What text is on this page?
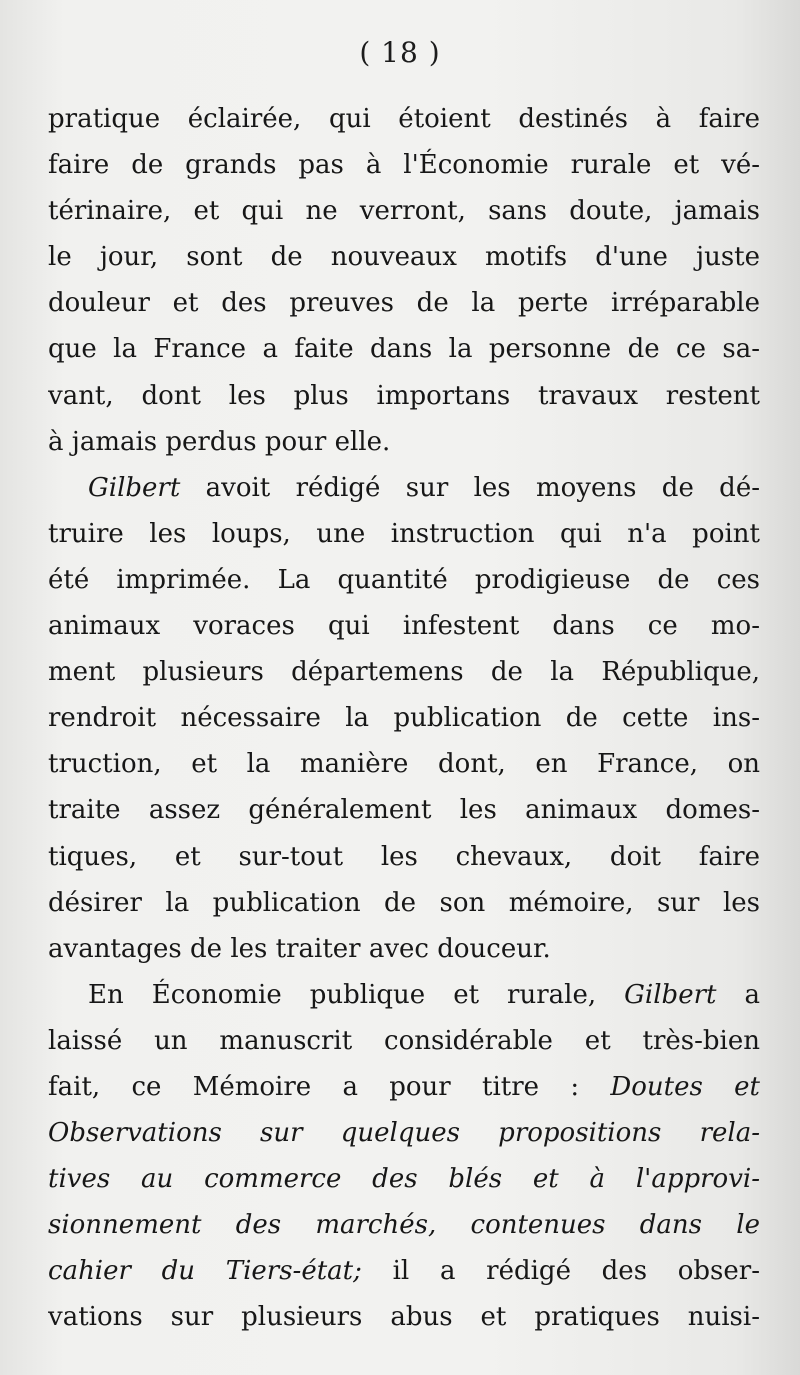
( 18 )
pratique éclairée, qui étoient destinés à faire
faire de grands pas à l'Économie rurale et vé-
térinaire, et qui ne verront, sans doute, jamais
le jour, sont de nouveaux motifs d'une juste
douleur et des preuves de la perte irréparable
que la France a faite dans la personne de ce sa-
vant, dont les plus importans travaux restent
à jamais perdus pour elle.
Gilbert avoit rédigé sur les moyens de dé-
truire les loups, une instruction qui n'a point
été imprimée. La quantité prodigieuse de ces
animaux voraces qui infestent dans ce mo-
ment plusieurs départemens de la République,
rendroit nécessaire la publication de cette ins-
truction, et la manière dont, en France, on
traite assez généralement les animaux domes-
tiques, et sur-tout les chevaux, doit faire
désirer la publication de son mémoire, sur les
avantages de les traiter avec douceur.
En Économie publique et rurale, Gilbert a
laissé un manuscrit considérable et très-bien
fait, ce Mémoire a pour titre : Doutes et
Observations sur quelques propositions rela-
tives au commerce des blés et à l'approvi-
sionnement des marchés, contenues dans le
cahier du Tiers-état; il a rédigé des obser-
vations sur plusieurs abus et pratiques nuisi-
